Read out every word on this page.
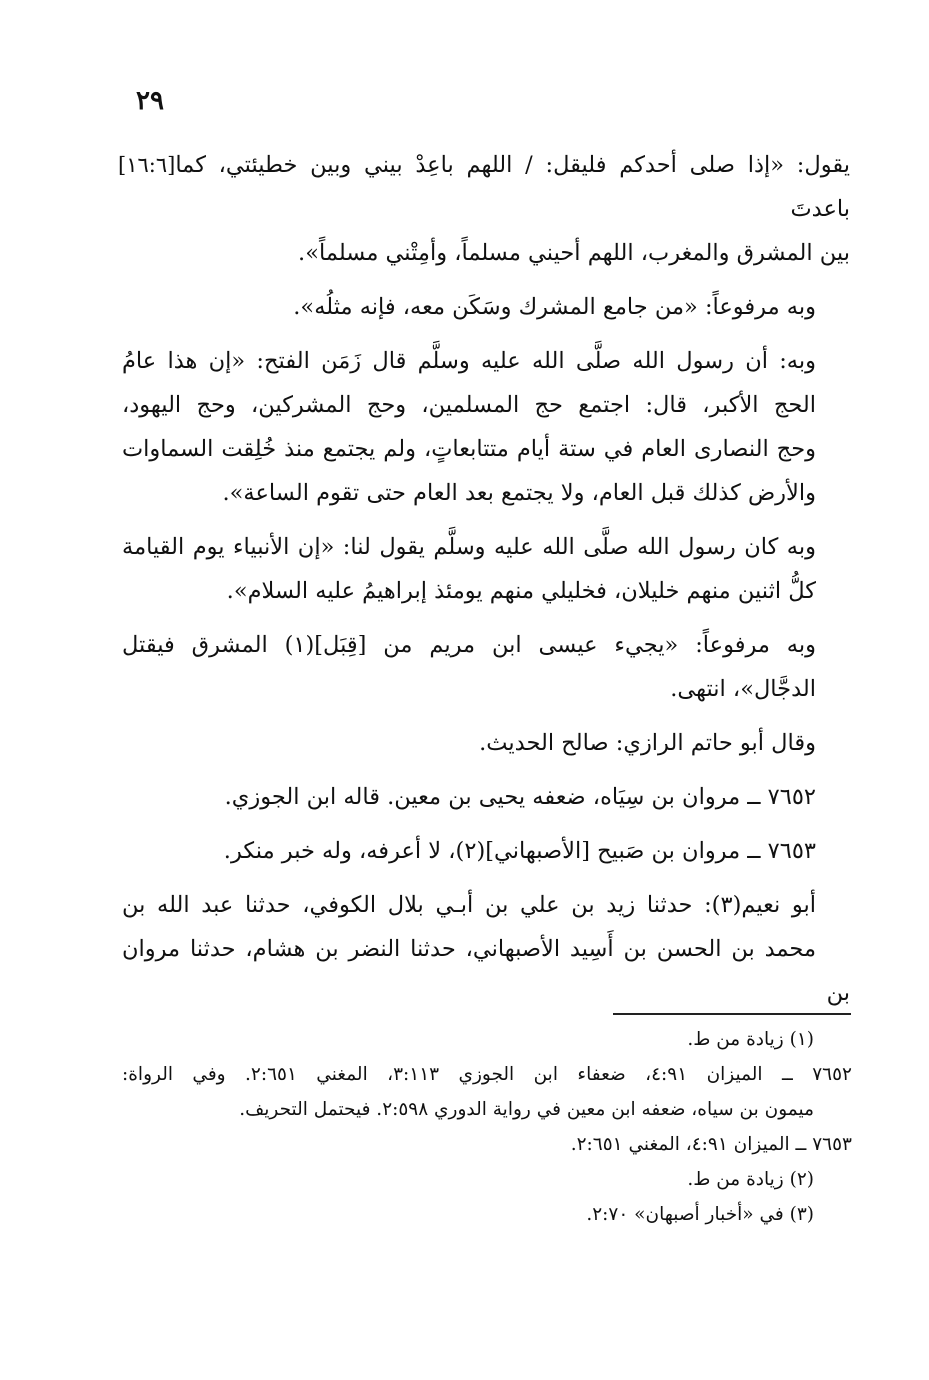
٢٩
[١٦:٦] يقول: «إذا صلى أحدكم فليقل: / اللهم باعِدْ بيني وبين خطيئتي، كما باعدتَ
بين المشرق والمغرب، اللهم أحيني مسلماً، وأمِتْني مسلماً».
وبه مرفوعاً: «من جامع المشرك وسَكَن معه، فإنه مثلُه».
وبه: أن رسول الله صلَّى الله عليه وسلَّم قال زَمَن الفتح: «إن هذا عامُ
الحج الأكبر، قال: اجتمع حج المسلمين، وحج المشركين، وحج اليهود،
وحج النصارى العام في ستة أيام متتابعاتٍ، ولم يجتمع منذ خُلِقت السماوات
والأرض كذلك قبل العام، ولا يجتمع بعد العام حتى تقوم الساعة».
وبه كان رسول الله صلَّى الله عليه وسلَّم يقول لنا: «إن الأنبياء يوم القيامة
كلُّ اثنين منهم خليلان، فخليلي منهم يومئذ إبراهيمُ عليه السلام».
وبه مرفوعاً: «يجيء عيسى ابن مريم من [قِبَل](١) المشرق فيقتل
الدجَّال»، انتهى.
وقال أبو حاتم الرازي: صالح الحديث.
٧٦٥٢ ــ مروان بن سِيَاه، ضعفه يحيى بن معين. قاله ابن الجوزي.
٧٦٥٣ ــ مروان بن صَبيح [الأصبهاني](٢)، لا أعرفه، وله خبر منكر.
أبو نعيم(٣): حدثنا زيد بن علي بن أبـي بلال الكوفي، حدثنا عبد الله بن
محمد بن الحسن بن أَسِيد الأصبهاني، حدثنا النضر بن هشام، حدثنا مروان بن
(١) زيادة من ط.
٧٦٥٢ ــ الميزان ٤:٩١، ضعفاء ابن الجوزي ٣:١١٣، المغني ٢:٦٥١. وفي الرواة:
ميمون بن سياه، ضعفه ابن معين في رواية الدوري ٢:٥٩٨. فيحتمل التحريف.
٧٦٥٣ ــ الميزان ٤:٩١، المغني ٢:٦٥١.
(٢) زيادة من ط.
(٣) في «أخبار أصبهان» ٢:٧٠.
